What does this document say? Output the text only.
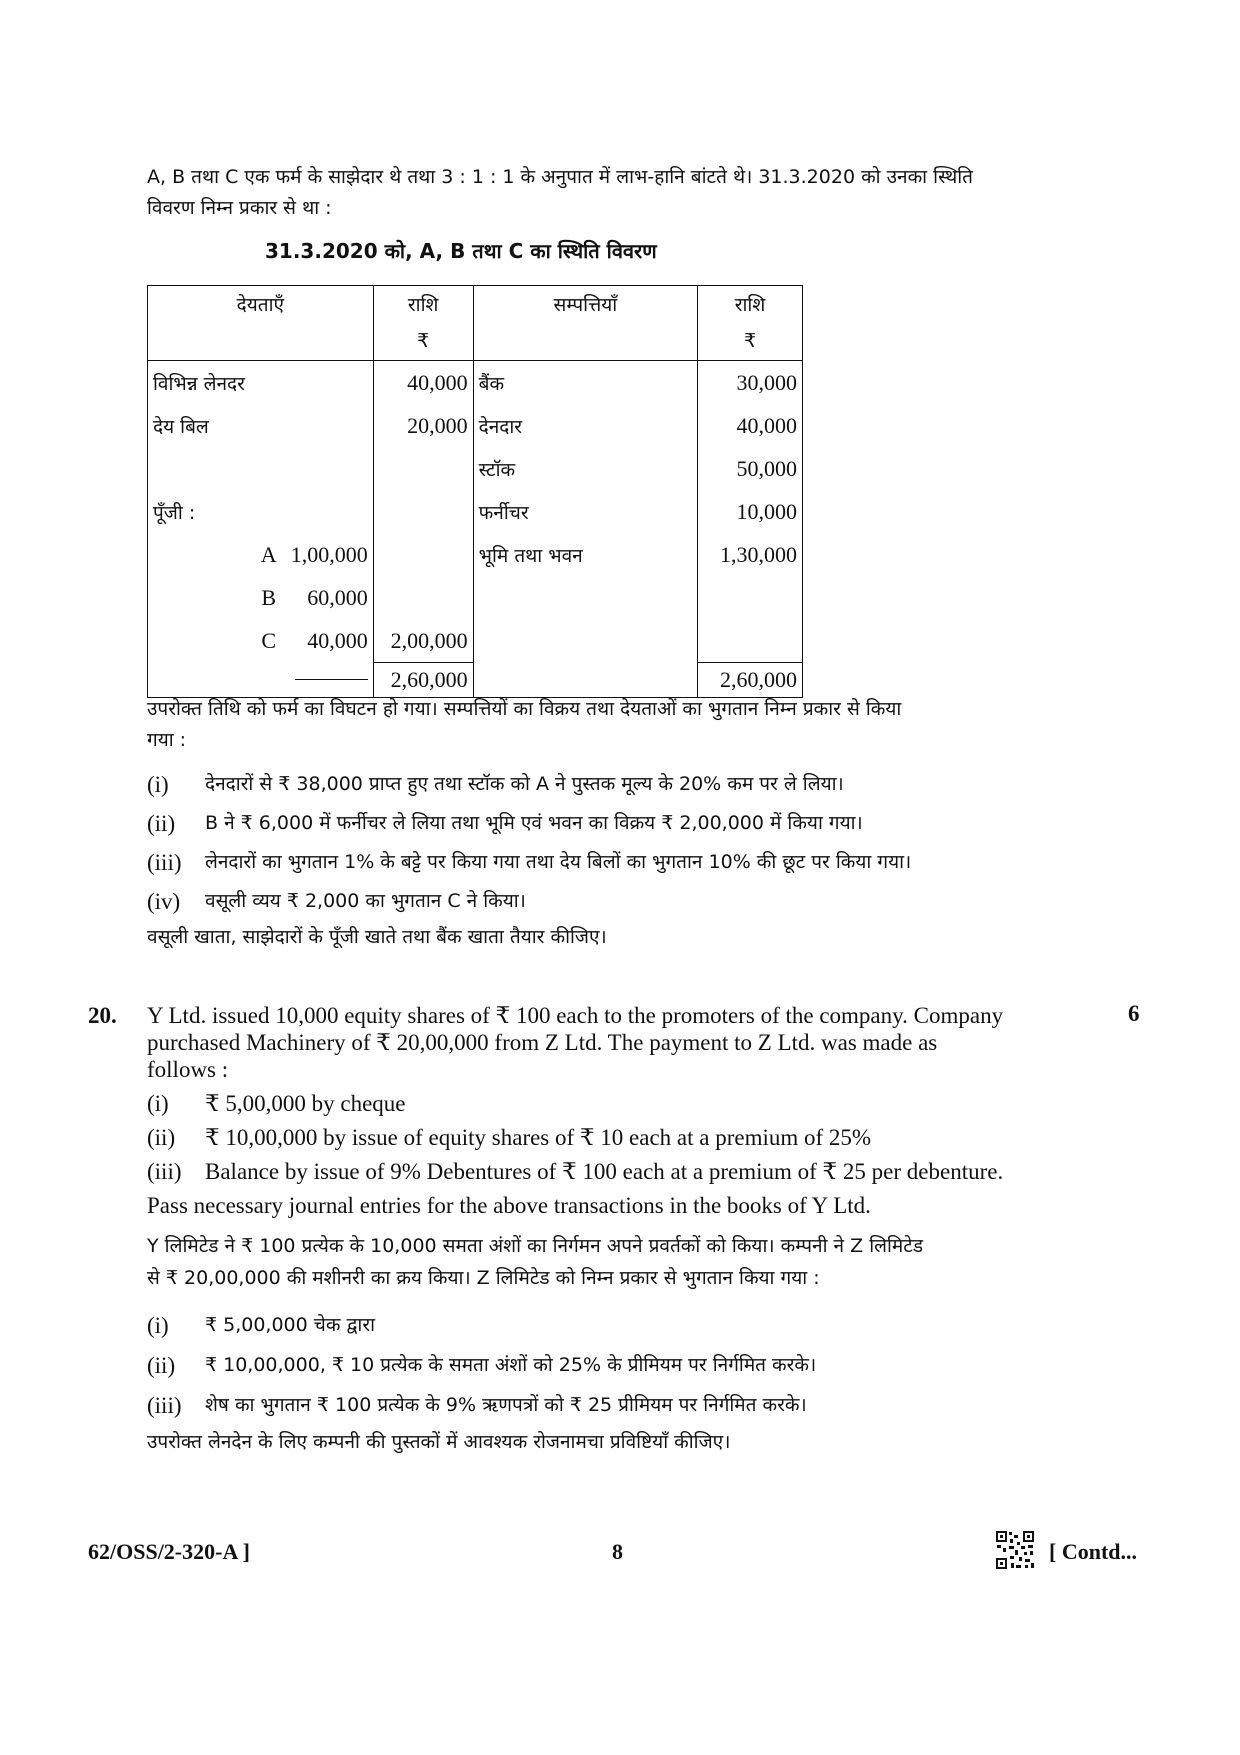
A, B तथा C एक फर्म के साझेदार थे तथा 3 : 1 : 1 के अनुपात में लाभ-हानि बांटते थे। 31.3.2020 को उनका स्थिति
विवरण निम्न प्रकार से था :
31.3.2020 को, A, B तथा C का स्थिति विवरण
देयताएँ	राशि	सम्पत्तियाँ	राशि
	₹		₹
विभिन्न लेनदर	40,000	बैंक	30,000
देय बिल	20,000	देनदार	40,000
		स्टॉक	50,000
पूँजी :		फर्नीचर	10,000

A 1,00,000		भूमि तथा भवन	1,30,000

B 60,000			

C 40,000	2,00,000		

	2,60,000		2,60,000
उपरोक्त तिथि को फर्म का विघटन हो गया। सम्पत्तियों का विक्रय तथा देयताओं का भुगतान निम्न प्रकार से किया
गया :
(i)	देनदारों से ₹ 38,000 प्राप्त हुए तथा स्टॉक को A ने पुस्तक मूल्य के 20% कम पर ले लिया।
(ii)	B ने ₹ 6,000 में फर्नीचर ले लिया तथा भूमि एवं भवन का विक्रय ₹ 2,00,000 में किया गया।
(iii)	लेनदारों का भुगतान 1% के बट्टे पर किया गया तथा देय बिलों का भुगतान 10% की छूट पर किया गया।
(iv)	वसूली व्यय ₹ 2,000 का भुगतान C ने किया।
वसूली खाता, साझेदारों के पूँजी खाते तथा बैंक खाता तैयार कीजिए।
20.	6
Y Ltd. issued 10,000 equity shares of ₹ 100 each to the promoters of the company. Company
purchased Machinery of ₹ 20,00,000 from Z Ltd. The payment to Z Ltd. was made as
follows :
(i)	₹ 5,00,000 by cheque
(ii)	₹ 10,00,000 by issue of equity shares of ₹ 10 each at a premium of 25%
(iii)	Balance by issue of 9% Debentures of ₹ 100 each at a premium of ₹ 25 per debenture.
Pass necessary journal entries for the above transactions in the books of Y Ltd.
Y लिमिटेड ने ₹ 100 प्रत्येक के 10,000 समता अंशों का निर्गमन अपने प्रवर्तकों को किया। कम्पनी ने Z लिमिटेड
से ₹ 20,00,000 की मशीनरी का क्रय किया। Z लिमिटेड को निम्न प्रकार से भुगतान किया गया :
(i)	₹ 5,00,000 चेक द्वारा
(ii)	₹ 10,00,000, ₹ 10 प्रत्येक के समता अंशों को 25% के प्रीमियम पर निर्गमित करके।
(iii)	शेष का भुगतान ₹ 100 प्रत्येक के 9% ऋणपत्रों को ₹ 25 प्रीमियम पर निर्गमित करके।
उपरोक्त लेनदेन के लिए कम्पनी की पुस्तकों में आवश्यक रोजनामचा प्रविष्टियाँ कीजिए।
62/OSS/2-320-A ]	8	[ Contd...
